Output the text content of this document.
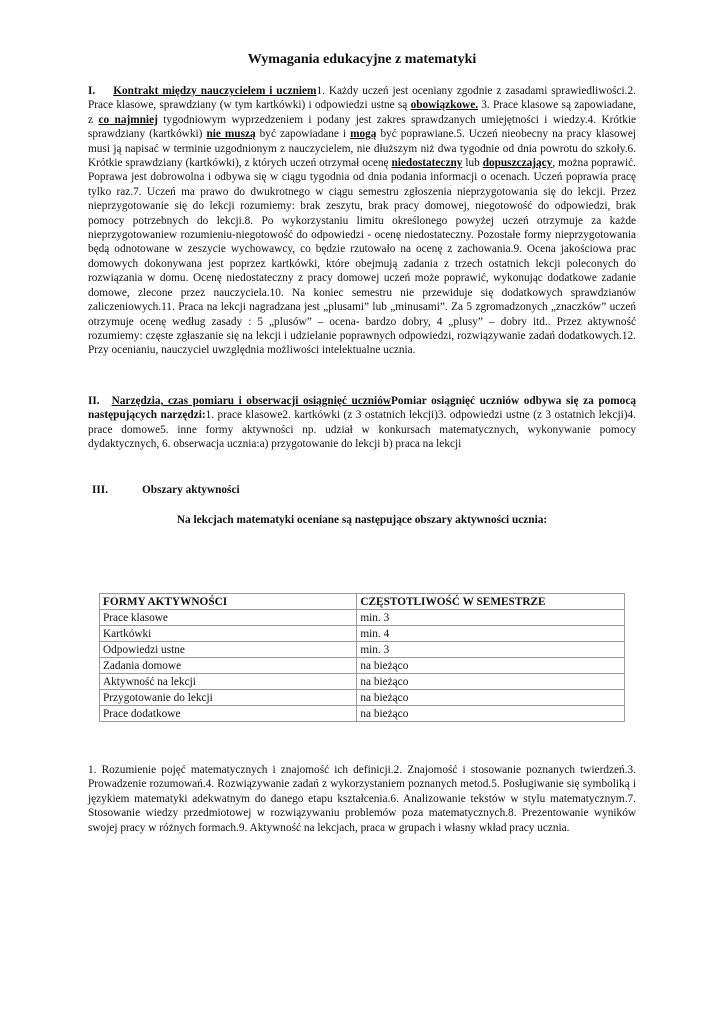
Wymagania edukacyjne z matematyki

I. Kontrakt między nauczycielem i uczniem1. Każdy uczeń jest oceniany zgodnie z zasadami sprawiedliwości.2. Prace klasowe, sprawdziany (w tym kartkówki) i odpowiedzi ustne są obowiązkowe. 3. Prace klasowe są zapowiadane, z co najmniej tygodniowym wyprzedzeniem i podany jest zakres sprawdzanych umiejętności i wiedzy.4. Krótkie sprawdziany (kartkówki) nie muszą być zapowiadane i mogą być poprawiane.5. Uczeń nieobecny na pracy klasowej musi ją napisać w terminie uzgodnionym z nauczycielem, nie dłuższym niż dwa tygodnie od dnia powrotu do szkoły.6. Krótkie sprawdziany (kartkówki), z których uczeń otrzymał ocenę niedostateczny lub dopuszczający, można poprawić. Poprawa jest dobrowolna i odbywa się w ciągu tygodnia od dnia podania informacji o ocenach. Uczeń poprawia pracę tylko raz.7. Uczeń ma prawo do dwukrotnego w ciągu semestru zgłoszenia nieprzygotowania się do lekcji. Przez nieprzygotowanie się do lekcji rozumiemy: brak zeszytu, brak pracy domowej, niegotowość do odpowiedzi, brak pomocy potrzebnych do lekcji.8. Po wykorzystaniu limitu określonego powyżej uczeń otrzymuje za każde nieprzygotowaniew rozumieniu-niegotowość do odpowiedzi - ocenę niedostateczny. Pozostałe formy nieprzygotowania będą odnotowane w zeszycie wychowawcy, co będzie rzutowało na ocenę z zachowania.9. Ocena jakościowa prac domowych dokonywana jest poprzez kartkówki, które obejmują zadania z trzech ostatnich lekcji poleconych do rozwiązania w domu. Ocenę niedostateczny z pracy domowej uczeń może poprawić, wykonując dodatkowe zadanie domowe, zlecone przez nauczyciela.10. Na koniec semestru nie przewiduje się dodatkowych sprawdzianów zaliczeniowych.11. Praca na lekcji nagradzana jest „plusami” lub „minusami”. Za 5 zgromadzonych „znaczków” uczeń otrzymuje ocenę według zasady : 5 „plusów” – ocena- bardzo dobry, 4 „plusy” – dobry itd.. Przez aktywność rozumiemy: częste zgłaszanie się na lekcji i udzielanie poprawnych odpowiedzi, rozwiązywanie zadań dodatkowych.12. Przy ocenianiu, nauczyciel uwzględnia możliwości intelektualne ucznia.

II. Narzędzia, czas pomiaru i obserwacji osiągnięć uczniówPomiar osiągnięć uczniów odbywa się za pomocą następujących narzędzi:1. prace klasowe2. kartkówki (z 3 ostatnich lekcji)3. odpowiedzi ustne (z 3 ostatnich lekcji)4. prace domowe5. inne formy aktywności np. udział w konkursach matematycznych, wykonywanie pomocy dydaktycznych, 6. obserwacja ucznia:a) przygotowanie do lekcji b) praca na lekcji

III.	Obszary aktywności

Na lekcjach matematyki oceniane są następujące obszary aktywności ucznia:

FORMY AKTYWNOŚCI	CZĘSTOTLIWOŚĆ W SEMESTRZE
Prace klasowe	min. 3
Kartkówki	min. 4
Odpowiedzi ustne	min. 3
Zadania domowe	na bieżąco
Aktywność na lekcji	na bieżąco
Przygotowanie do lekcji	na bieżąco
Prace dodatkowe	na bieżąco

1. Rozumienie pojęć matematycznych i znajomość ich definicji.2. Znajomość i stosowanie poznanych twierdzeń.3. Prowadzenie rozumowań.4. Rozwiązywanie zadań z wykorzystaniem poznanych metod.5. Posługiwanie się symboliką i językiem matematyki adekwatnym do danego etapu kształcenia.6. Analizowanie tekstów w stylu matematycznym.7. Stosowanie wiedzy przedmiotowej w rozwiązywaniu problemów poza matematycznych.8. Prezentowanie wyników swojej pracy w różnych formach.9. Aktywność na lekcjach, praca w grupach i własny wkład pracy ucznia.
